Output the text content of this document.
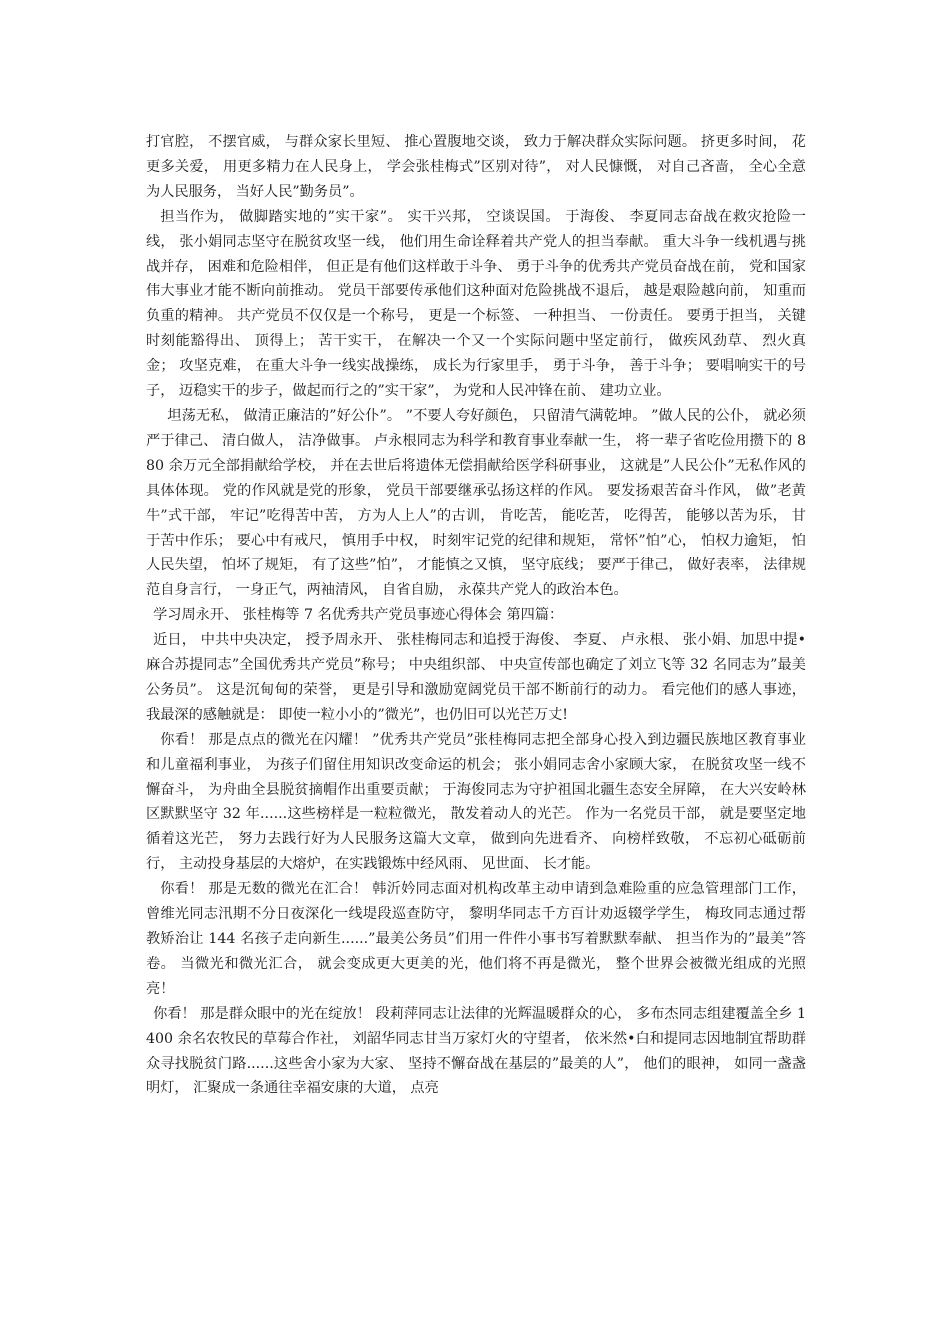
打官腔， 不摆官威， 与群众家长里短、 推心置腹地交谈， 致力于解决群众实际问题。 挤更多时间， 花更多关爱， 用更多精力在人民身上， 学会张桂梅式”区别对待”， 对人民慷慨， 对自己吝啬， 全心全意为人民服务， 当好人民”勤务员”。

担当作为， 做脚踏实地的”实干家”。 实干兴邦， 空谈误国。 于海俊、 李夏同志奋战在救灾抢险一线， 张小娟同志坚守在脱贫攻坚一线， 他们用生命诠释着共产党人的担当奉献。 重大斗争一线机遇与挑战并存， 困难和危险相伴， 但正是有他们这样敢于斗争、 勇于斗争的优秀共产党员奋战在前， 党和国家伟大事业才能不断向前推动。 党员干部要传承他们这种面对危险挑战不退后， 越是艰险越向前， 知重而负重的精神。 共产党员不仅仅是一个称号， 更是一个标签、 一种担当、 一份责任。 要勇于担当， 关键时刻能豁得出、 顶得上； 苦干实干， 在解决一个又一个实际问题中坚定前行， 做疾风劲草、 烈火真金； 攻坚克难， 在重大斗争一线实战操练， 成长为行家里手， 勇于斗争， 善于斗争； 要唱响实干的号子， 迈稳实干的步子，做起而行之的”实干家”， 为党和人民冲锋在前、 建功立业。

坦荡无私， 做清正廉洁的”好公仆”。 ”不要人夸好颜色， 只留清气满乾坤。 ”做人民的公仆， 就必须严于律己、 清白做人， 洁净做事。 卢永根同志为科学和教育事业奉献一生， 将一辈子省吃俭用攒下的 880 余万元全部捐献给学校， 并在去世后将遗体无偿捐献给医学科研事业， 这就是”人民公仆”无私作风的具体体现。 党的作风就是党的形象， 党员干部要继承弘扬这样的作风。 要发扬艰苦奋斗作风， 做”老黄牛”式干部， 牢记”吃得苦中苦， 方为人上人”的古训， 肯吃苦， 能吃苦， 吃得苦， 能够以苦为乐， 甘于苦中作乐； 要心中有戒尺， 慎用手中权， 时刻牢记党的纪律和规矩， 常怀”怕”心， 怕权力逾矩， 怕人民失望， 怕坏了规矩， 有了这些”怕”， 才能慎之又慎， 坚守底线； 要严于律己， 做好表率， 法律规范自身言行， 一身正气，两袖清风， 自省自励， 永葆共产党人的政治本色。

学习周永开、 张桂梅等 7 名优秀共产党员事迹心得体会 第四篇：

近日， 中共中央决定， 授予周永开、 张桂梅同志和追授于海俊、 李夏、 卢永根、 张小娟、加思中提•麻合苏提同志”全国优秀共产党员”称号； 中央组织部、 中央宣传部也确定了刘立飞等 32 名同志为”最美公务员”。 这是沉甸甸的荣誉， 更是引导和激励宽阔党员干部不断前行的动力。 看完他们的感人事迹， 我最深的感触就是： 即使一粒小小的”微光”，也仍旧可以光芒万丈!

你看！ 那是点点的微光在闪耀！ ”优秀共产党员”张桂梅同志把全部身心投入到边疆民族地区教育事业和儿童福利事业， 为孩子们留住用知识改变命运的机会； 张小娟同志舍小家顾大家， 在脱贫攻坚一线不懈奋斗， 为舟曲全县脱贫摘帽作出重要贡献； 于海俊同志为守护祖国北疆生态安全屏障， 在大兴安岭林区默默坚守 32 年......这些榜样是一粒粒微光， 散发着动人的光芒。 作为一名党员干部， 就是要坚定地循着这光芒， 努力去践行好为人民服务这篇大文章， 做到向先进看齐、 向榜样致敬， 不忘初心砥砺前行， 主动投身基层的大熔炉，在实践锻炼中经风雨、 见世面、 长才能。

你看！ 那是无数的微光在汇合！ 韩沂妗同志面对机构改革主动申请到急难险重的应急管理部门工作， 曾维光同志汛期不分日夜深化一线堤段巡查防守， 黎明华同志千方百计劝返辍学学生， 梅玫同志通过帮教矫治让 144 名孩子走向新生......”最美公务员”们用一件件小事书写着默默奉献、 担当作为的”最美”答卷。 当微光和微光汇合， 就会变成更大更美的光，他们将不再是微光， 整个世界会被微光组成的光照亮！

你看！ 那是群众眼中的光在绽放！ 段莉萍同志让法律的光辉温暖群众的心， 多布杰同志组建覆盖全乡 1400 余名农牧民的草莓合作社， 刘韶华同志甘当万家灯火的守望者， 依米然•白和提同志因地制宜帮助群众寻找脱贫门路......这些舍小家为大家、 坚持不懈奋战在基层的”最美的人”， 他们的眼神， 如同一盏盏明灯， 汇聚成一条通往幸福安康的大道， 点亮
